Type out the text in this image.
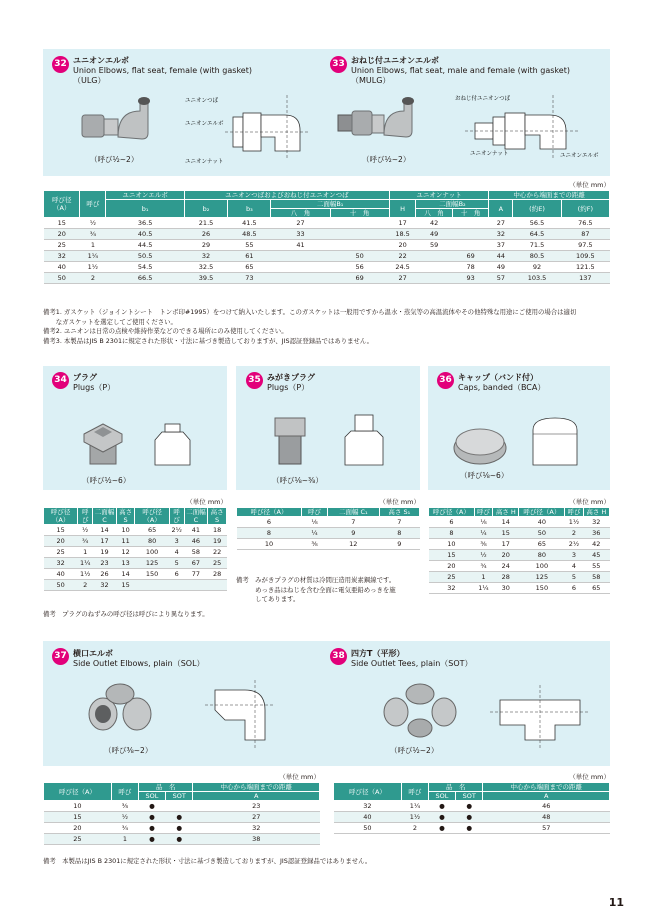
32 ユニオンエルボ
Union Elbows, flat seat, female (with gasket)
（ULG）
（呼び½~2）
ユニオンつば
ユニオンエルボ
ユニオンナット
33 おねじ付ユニオンエルボ
Union Elbows, flat seat, male and female (with gasket)
（MULG）
（呼び½~2）
おねじ付ユニオンつば
ユニオンナット	ユニオンエルボ
（単位 mm）
呼び径
（A）	呼び	ユニオンエルボ	ユニオンつばおよびおねじ付ユニオンつば				ユニオンナット			中心から端面までの距離		
		b₁	b₂	b₃	二面幅B₁		H	二面幅B₂		A	(約E)	(約F)
					八　角	十　角		八　角	十　角			
15	½	36.5	21.5	41.5	27		17	42		27	56.5	76.5
20	¾	40.5	26	48.5	33		18.5	49		32	64.5	87
25	1	44.5	29	55	41		20	59		37	71.5	97.5
32	1¼	50.5	32	61		50	22		69	44	80.5	109.5
40	1½	54.5	32.5	65		56	24.5		78	49	92	121.5
50	2	66.5	39.5	73		69	27		93	57	103.5	137
備考1. ガスケット（ジョイントシート　トンボ印#1995）をつけて納入いたします。このガスケットは一般用ですから温水・蒸気等の高温流体やその他特殊な用途にご使用の場合は適切
　　なガスケットを選定してご使用ください。
備考2. ユニオンは日常の点検や維持作業などのできる場所にのみ使用してください。
備考3. 本製品はJIS B 2301に規定された形状・寸法に基づき製造しておりますが、JIS認証登録品ではありません。
34 プラグ
Plugs（P）
（呼び½~6）
35 みがきプラグ
Plugs（P）
（呼び⅛~⅜）
36 キャップ（バンド付）
Caps, banded（BCA）
（呼び⅛~6）
（単位 mm）
呼び径（A）	呼び	二面幅 C	高さ S	呼び径（A）	呼び	二面幅 C	高さ S
15	½	14	10	65	2½	41	18
20	¾	17	11	80	3	46	19
25	1	19	12	100	4	58	22
32	1¼	23	13	125	5	67	25
40	1½	26	14	150	6	77	28
50	2	32	15				
備考　プラグのねずみの呼び径は呼びにより異なります。
（単位 mm）
呼び径（A）	呼び	二面幅 C₁	高さ S₁
6	⅛	7	7
8	¼	9	8
10	⅜	12	9
備考　みがきプラグの材質は冷間圧造用炭素鋼線です。
　　　めっき品はねじを含む全面に電気亜鉛めっきを施
　　　してあります。
（単位 mm）
呼び径（A）	呼び	高さ H	呼び径（A）	呼び	高さ H
6	⅛	14	40	1½	32
8	¼	15	50	2	36
10	⅜	17	65	2½	42
15	½	20	80	3	45
20	¾	24	100	4	55
25	1	28	125	5	58
32	1¼	30	150	6	65
37 横口エルボ
Side Outlet Elbows, plain（SOL）
（呼び⅜~2）
38 四方T（平形）
Side Outlet Tees, plain（SOT）
（呼び½~2）
（単位 mm）	（単位 mm）
呼び径（A）	呼び	品　名		中心から端面までの距離
		SOL	SOT	A
10	⅜	●		23
15	½	●	●	27
20	¾	●	●	32
25	1	●	●	38
呼び径（A）	呼び	品　名		中心から端面までの距離
		SOL	SOT	A
32	1¼	●	●	46
40	1½	●	●	48
50	2	●	●	57
備考　本製品はJIS B 2301に規定された形状・寸法に基づき製造しておりますが、JIS認証登録品ではありません。
11
